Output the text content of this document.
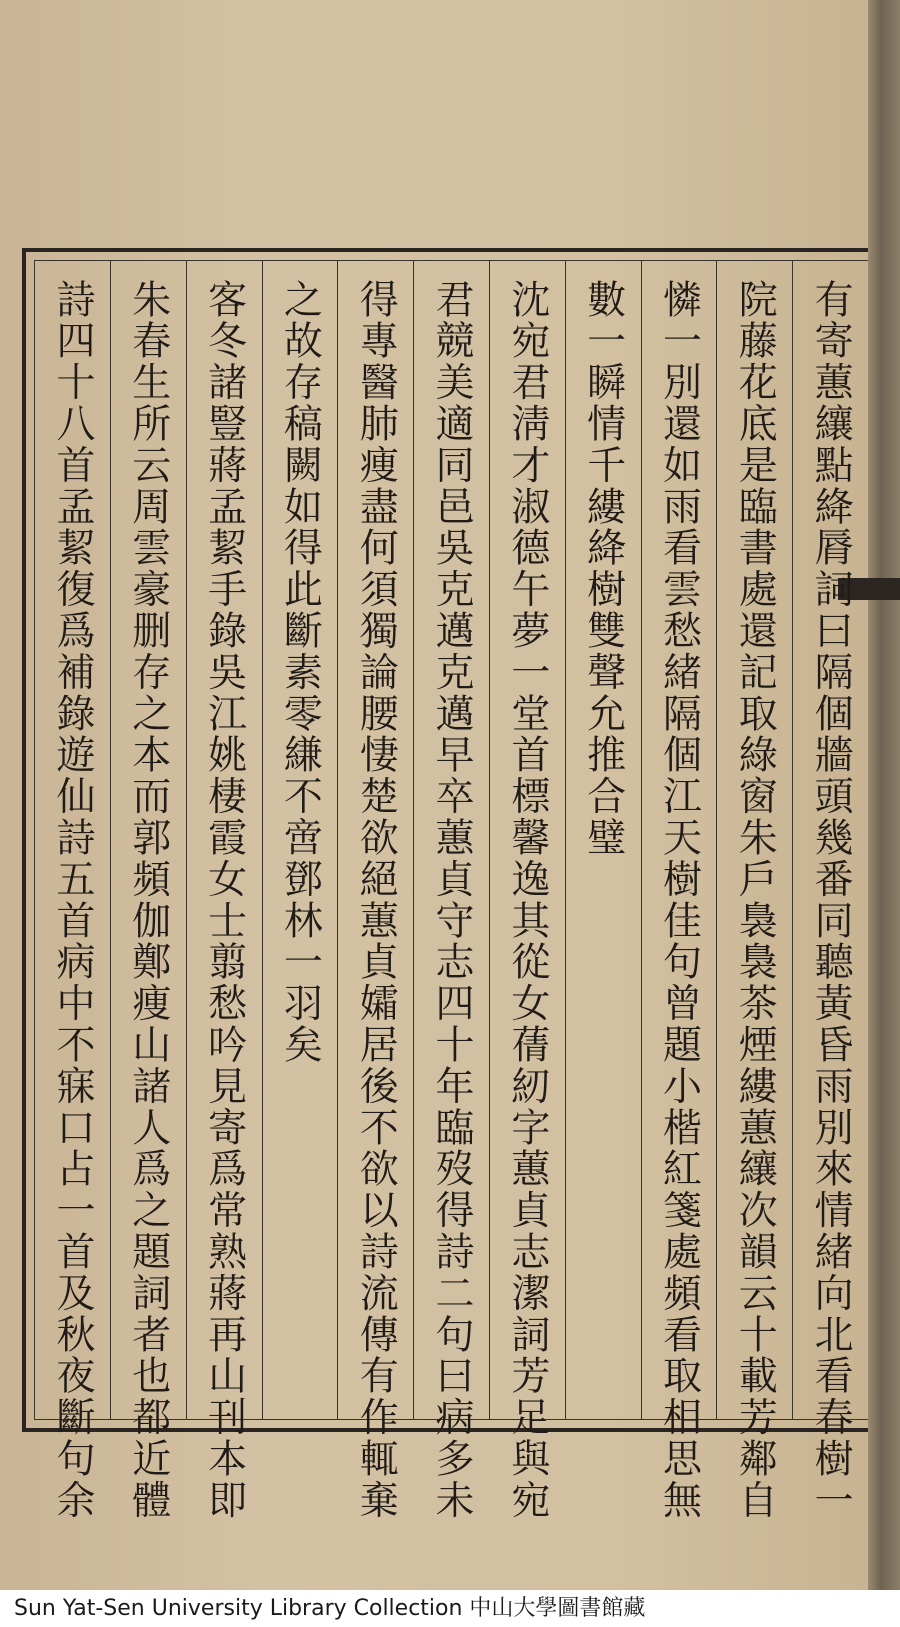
有寄蕙纕點絳脣詞曰隔個牆頭幾番同聽黃昏雨別來情緒向北看春樹一
院藤花底是臨書處還記取綠窗朱戶裊裊茶煙縷蕙纕次韻云十載芳鄰自
憐一別還如雨看雲愁緒隔個江天樹佳句曾題小楷紅箋處頻看取相思無
數一瞬情千縷絳樹雙聲允推合璧
沈宛君淸才淑德午夢一堂首標馨逸其從女蒨紉字蕙貞志潔詞芳足與宛
君競美適同邑吳克邁克邁早卒蕙貞守志四十年臨歿得詩二句曰病多未
得專醫肺痩盡何須獨論腰悽楚欲絕蕙貞孀居後不欲以詩流傳有作輒棄
之故存稿闕如得此斷素零縑不啻鄧林一羽矣
客冬諸豎蔣孟絜手錄吳江姚棲霞女士翦愁吟見寄爲常熟蔣再山刊本即
朱春生所云周雲豪删存之本而郭頻伽鄭痩山諸人爲之題詞者也都近體
詩四十八首孟絜復爲補錄遊仙詩五首病中不寐口占一首及秋夜斷句余
Sun Yat-Sen University Library Collection 中山大學圖書館藏
